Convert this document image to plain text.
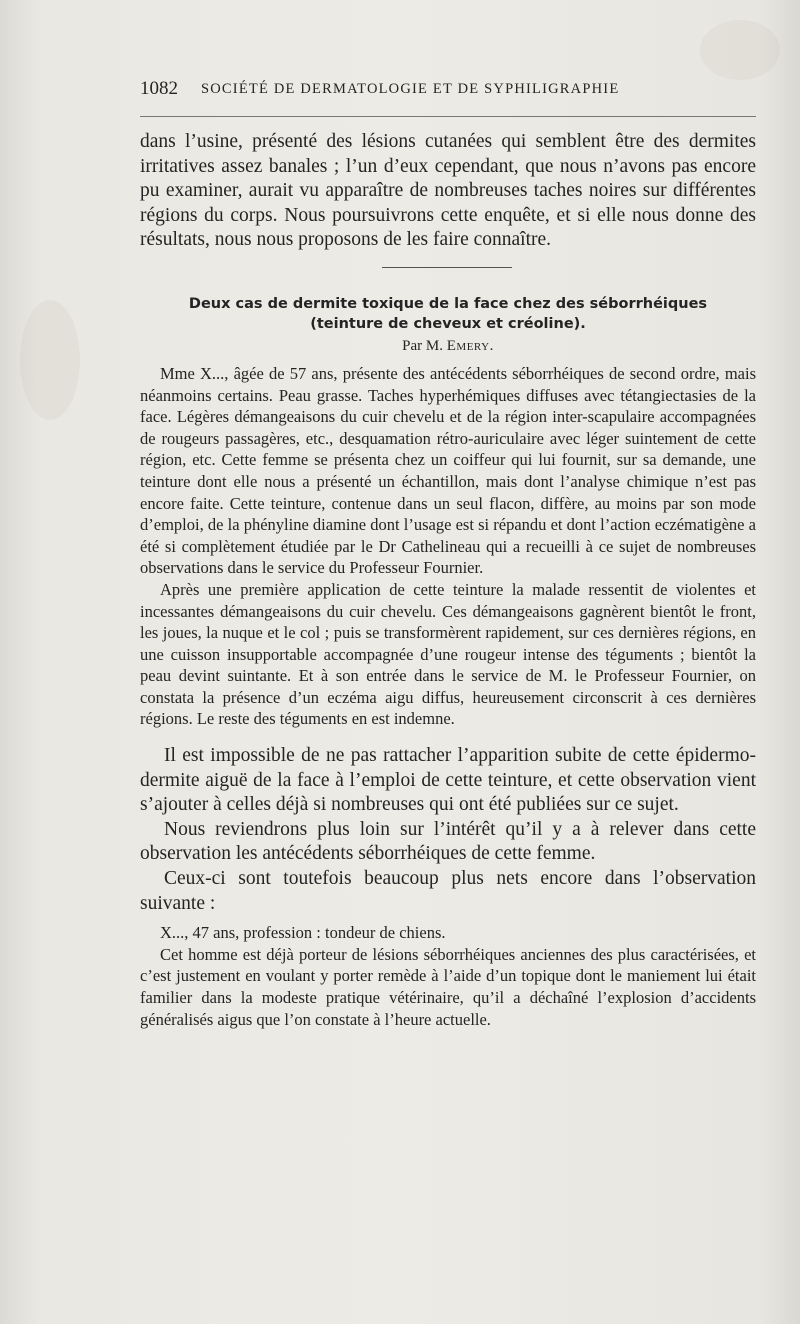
1082 SOCIÉTÉ DE DERMATOLOGIE ET DE SYPHILIGRAPHIE

dans l’usine, présenté des lésions cutanées qui semblent être des dermites irritatives assez banales ; l’un d’eux cependant, que nous n’avons pas encore pu examiner, aurait vu apparaître de nombreuses taches noires sur différentes régions du corps. Nous poursuivrons cette enquête, et si elle nous donne des résultats, nous nous proposons de les faire connaître.

Deux cas de dermite toxique de la face chez des séborrhéiques
(teinture de cheveux et créoline).
Par M. Emery.

Mme X..., âgée de 57 ans, présente des antécédents séborrhéiques de second ordre, mais néanmoins certains. Peau grasse. Taches hyperhémiques diffuses avec tétangiectasies de la face. Légères démangeaisons du cuir chevelu et de la région inter-scapulaire accompagnées de rougeurs passagères, etc., desquamation rétro-auriculaire avec léger suintement de cette région, etc. Cette femme se présenta chez un coiffeur qui lui fournit, sur sa demande, une teinture dont elle nous a présenté un échantillon, mais dont l’analyse chimique n’est pas encore faite. Cette teinture, contenue dans un seul flacon, diffère, au moins par son mode d’emploi, de la phényline diamine dont l’usage est si répandu et dont l’action eczématigène a été si complètement étudiée par le Dr Cathelineau qui a recueilli à ce sujet de nombreuses observations dans le service du Professeur Fournier.

Après une première application de cette teinture la malade ressentit de violentes et incessantes démangeaisons du cuir chevelu. Ces démangeaisons gagnèrent bientôt le front, les joues, la nuque et le col ; puis se transformèrent rapidement, sur ces dernières régions, en une cuisson insupportable accompagnée d’une rougeur intense des téguments ; bientôt la peau devint suintante. Et à son entrée dans le service de M. le Professeur Fournier, on constata la présence d’un eczéma aigu diffus, heureusement circonscrit à ces dernières régions. Le reste des téguments en est indemne.

Il est impossible de ne pas rattacher l’apparition subite de cette épidermo-dermite aiguë de la face à l’emploi de cette teinture, et cette observation vient s’ajouter à celles déjà si nombreuses qui ont été publiées sur ce sujet.

Nous reviendrons plus loin sur l’intérêt qu’il y a à relever dans cette observation les antécédents séborrhéiques de cette femme.

Ceux-ci sont toutefois beaucoup plus nets encore dans l’observation suivante :

X..., 47 ans, profession : tondeur de chiens.

Cet homme est déjà porteur de lésions séborrhéiques anciennes des plus caractérisées, et c’est justement en voulant y porter remède à l’aide d’un topique dont le maniement lui était familier dans la modeste pratique vétérinaire, qu’il a déchaîné l’explosion d’accidents généralisés aigus que l’on constate à l’heure actuelle.
